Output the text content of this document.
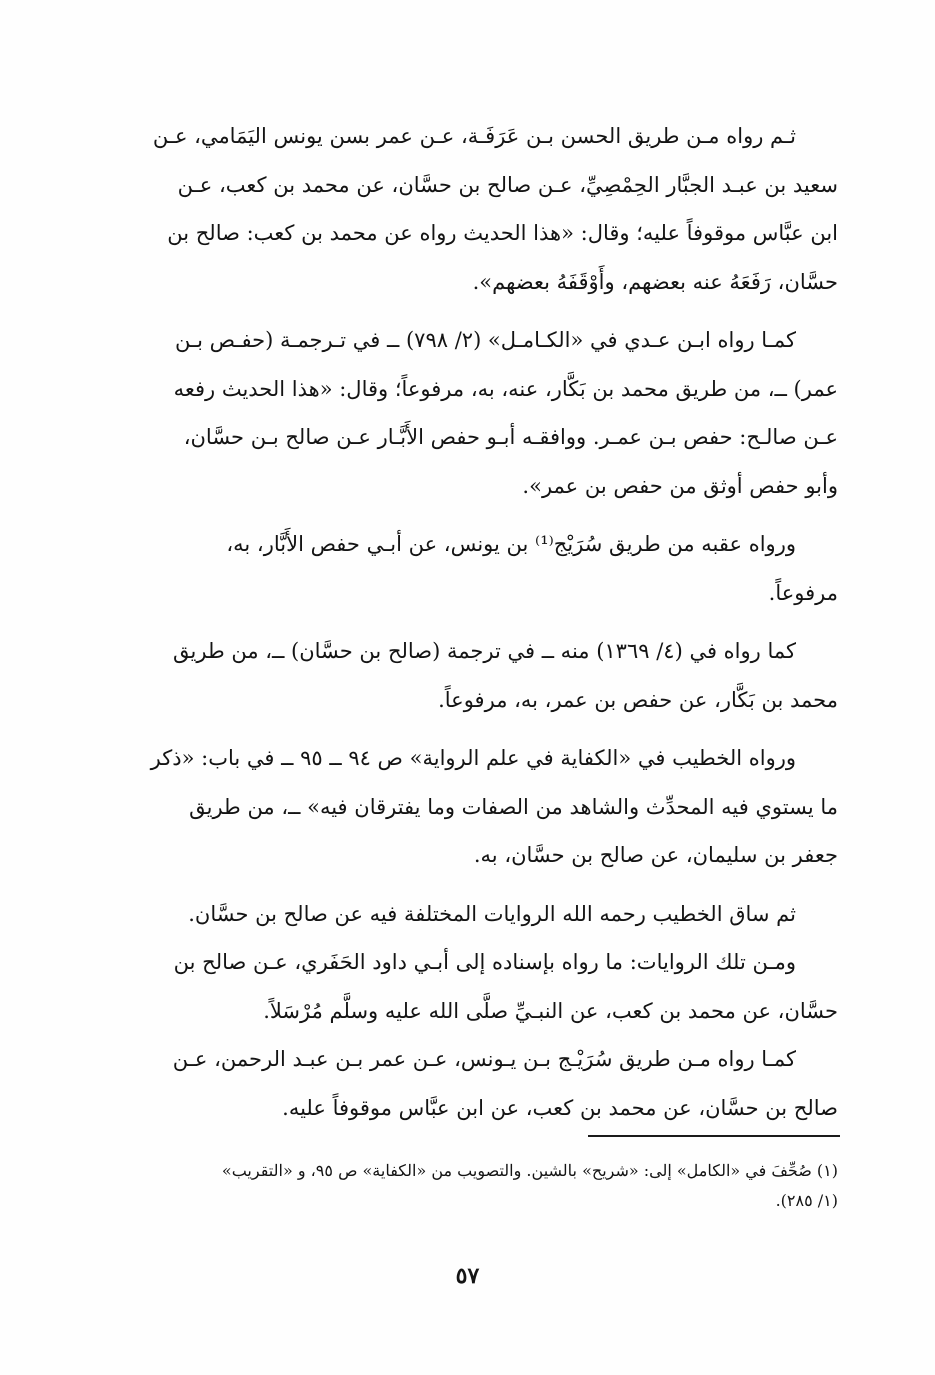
ثـم رواه مـن طريق الحسن بـن عَرَفَـة، عـن عمر بسن يونس اليَمَامي، عـن
سعيد بن عبـد الجبَّار الحِمْصِيِّ، عـن صالح بن حسَّان، عن محمد بن كعب، عـن
ابن عبَّاس موقوفاً عليه؛ وقال: «هذا الحديث رواه عن محمد بن كعب: صالح بن
حسَّان، رَفَعَهُ عنه بعضهم، وأَوْقَفَهُ بعضهم».

كمـا رواه ابـن عـدي في «الكـامـل» (٢/ ٧٩٨) ــ في تـرجمـة (حفـص بـن
عمر) ــ، من طريق محمد بن بَكَّار، عنه، به، مرفوعاً؛ وقال: «هذا الحديث رفعه
عـن صالـح: حفص بـن عمـر. ووافقـه أبـو حفص الأَبَّـار عـن صالح بـن حسَّان،
وأبو حفص أوثق من حفص بن عمر».

ورواه عقبه من طريق سُرَيْج⁽¹⁾ بن يونس، عن أبـي حفص الأَبَّار، به،
مرفوعاً.

كما رواه في (٤/ ١٣٦٩) منه ــ في ترجمة (صالح بن حسَّان) ــ، من طريق
محمد بن بَكَّار، عن حفص بن عمر، به، مرفوعاً.

ورواه الخطيب في «الكفاية في علم الرواية» ص ٩٤ ــ ٩٥ ــ في باب: «ذكر
ما يستوي فيه المحدِّث والشاهد من الصفات وما يفترقان فيه» ــ، من طريق
جعفر بن سليمان، عن صالح بن حسَّان، به.

ثم ساق الخطيب رحمه الله الروايات المختلفة فيه عن صالح بن حسَّان.

ومـن تلك الروايات: ما رواه بإسناده إلى أبـي داود الحَفَري، عـن صالح بن
حسَّان، عن محمد بن كعب، عن النبـيِّ صلَّى الله عليه وسلَّم مُرْسَلاً.

كمـا رواه مـن طريق سُرَيْـج بـن يـونس، عـن عمر بـن عبـد الرحمن، عـن
صالح بن حسَّان، عن محمد بن كعب، عن ابن عبَّاس موقوفاً عليه.

(١) صُحِّفَ في «الكامل» إلى: «شريح» بالشين. والتصويب من «الكفاية» ص ٩٥، و «التقريب»
(١/ ٢٨٥).
٥٧
